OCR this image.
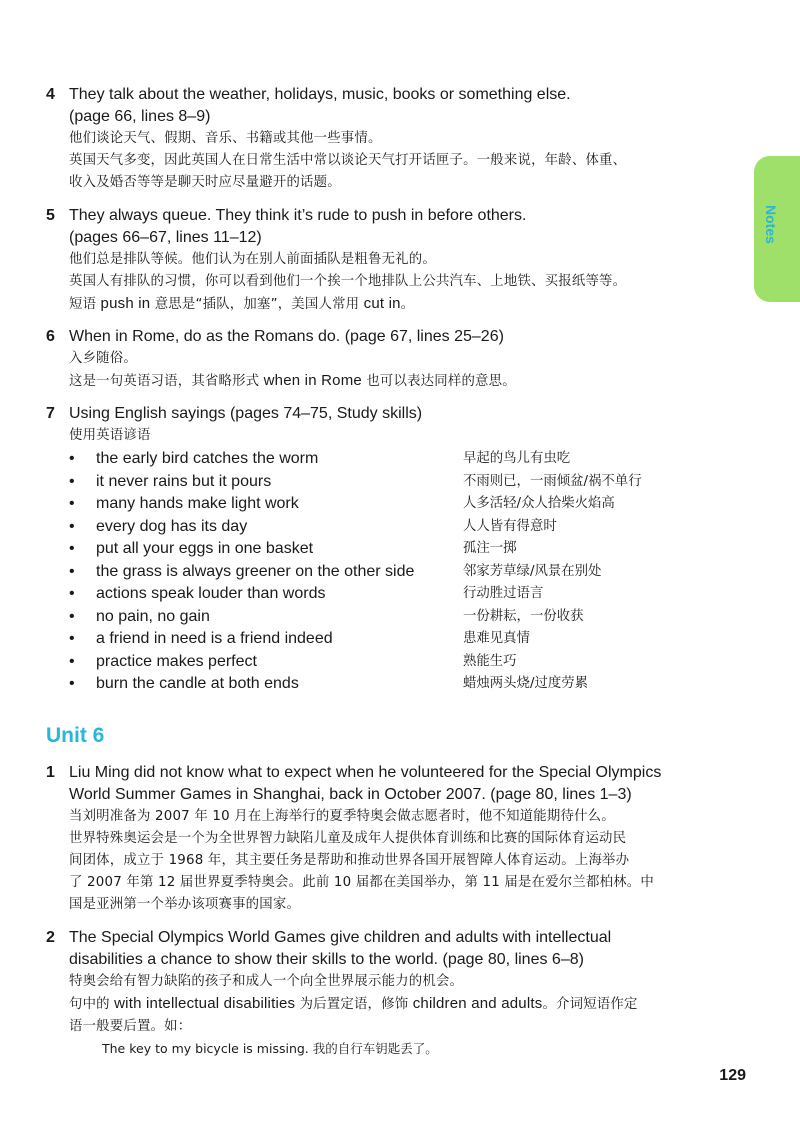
Notes
4 They talk about the weather, holidays, music, books or something else.
(page 66, lines 8–9)
他们谈论天气、假期、音乐、书籍或其他一些事情。
英国天气多变，因此英国人在日常生活中常以谈论天气打开话匣子。一般来说，年龄、体重、
收入及婚否等等是聊天时应尽量避开的话题。
5 They always queue. They think it’s rude to push in before others.
(pages 66–67, lines 11–12)
他们总是排队等候。他们认为在别人前面插队是粗鲁无礼的。
英国人有排队的习惯，你可以看到他们一个挨一个地排队上公共汽车、上地铁、买报纸等等。
短语 push in 意思是“插队，加塞”，美国人常用 cut in。
6 When in Rome, do as the Romans do. (page 67, lines 25–26)
入乡随俗。
这是一句英语习语，其省略形式 when in Rome 也可以表达同样的意思。
7 Using English sayings (pages 74–75, Study skills)
使用英语谚语
• the early bird catches the worm	早起的鸟儿有虫吃
• it never rains but it pours	不雨则已，一雨倾盆/祸不单行
• many hands make light work	人多活轻/众人拾柴火焰高
• every dog has its day	人人皆有得意时
• put all your eggs in one basket	孤注一掷
• the grass is always greener on the other side	邻家芳草绿/风景在别处
• actions speak louder than words	行动胜过语言
• no pain, no gain	一份耕耘，一份收获
• a friend in need is a friend indeed	患难见真情
• practice makes perfect	熟能生巧
• burn the candle at both ends	蜡烛两头烧/过度劳累
Unit 6
1 Liu Ming did not know what to expect when he volunteered for the Special Olympics
World Summer Games in Shanghai, back in October 2007. (page 80, lines 1–3)
当刘明准备为 2007 年 10 月在上海举行的夏季特奥会做志愿者时，他不知道能期待什么。
世界特殊奥运会是一个为全世界智力缺陷儿童及成年人提供体育训练和比赛的国际体育运动民
间团体，成立于 1968 年，其主要任务是帮助和推动世界各国开展智障人体育运动。上海举办
了 2007 年第 12 届世界夏季特奥会。此前 10 届都在美国举办，第 11 届是在爱尔兰都柏林。中
国是亚洲第一个举办该项赛事的国家。
2 The Special Olympics World Games give children and adults with intellectual
disabilities a chance to show their skills to the world. (page 80, lines 6–8)
特奥会给有智力缺陷的孩子和成人一个向全世界展示能力的机会。
句中的 with intellectual disabilities 为后置定语，修饰 children and adults。介词短语作定
语一般要后置。如：
The key to my bicycle is missing. 我的自行车钥匙丢了。
129
